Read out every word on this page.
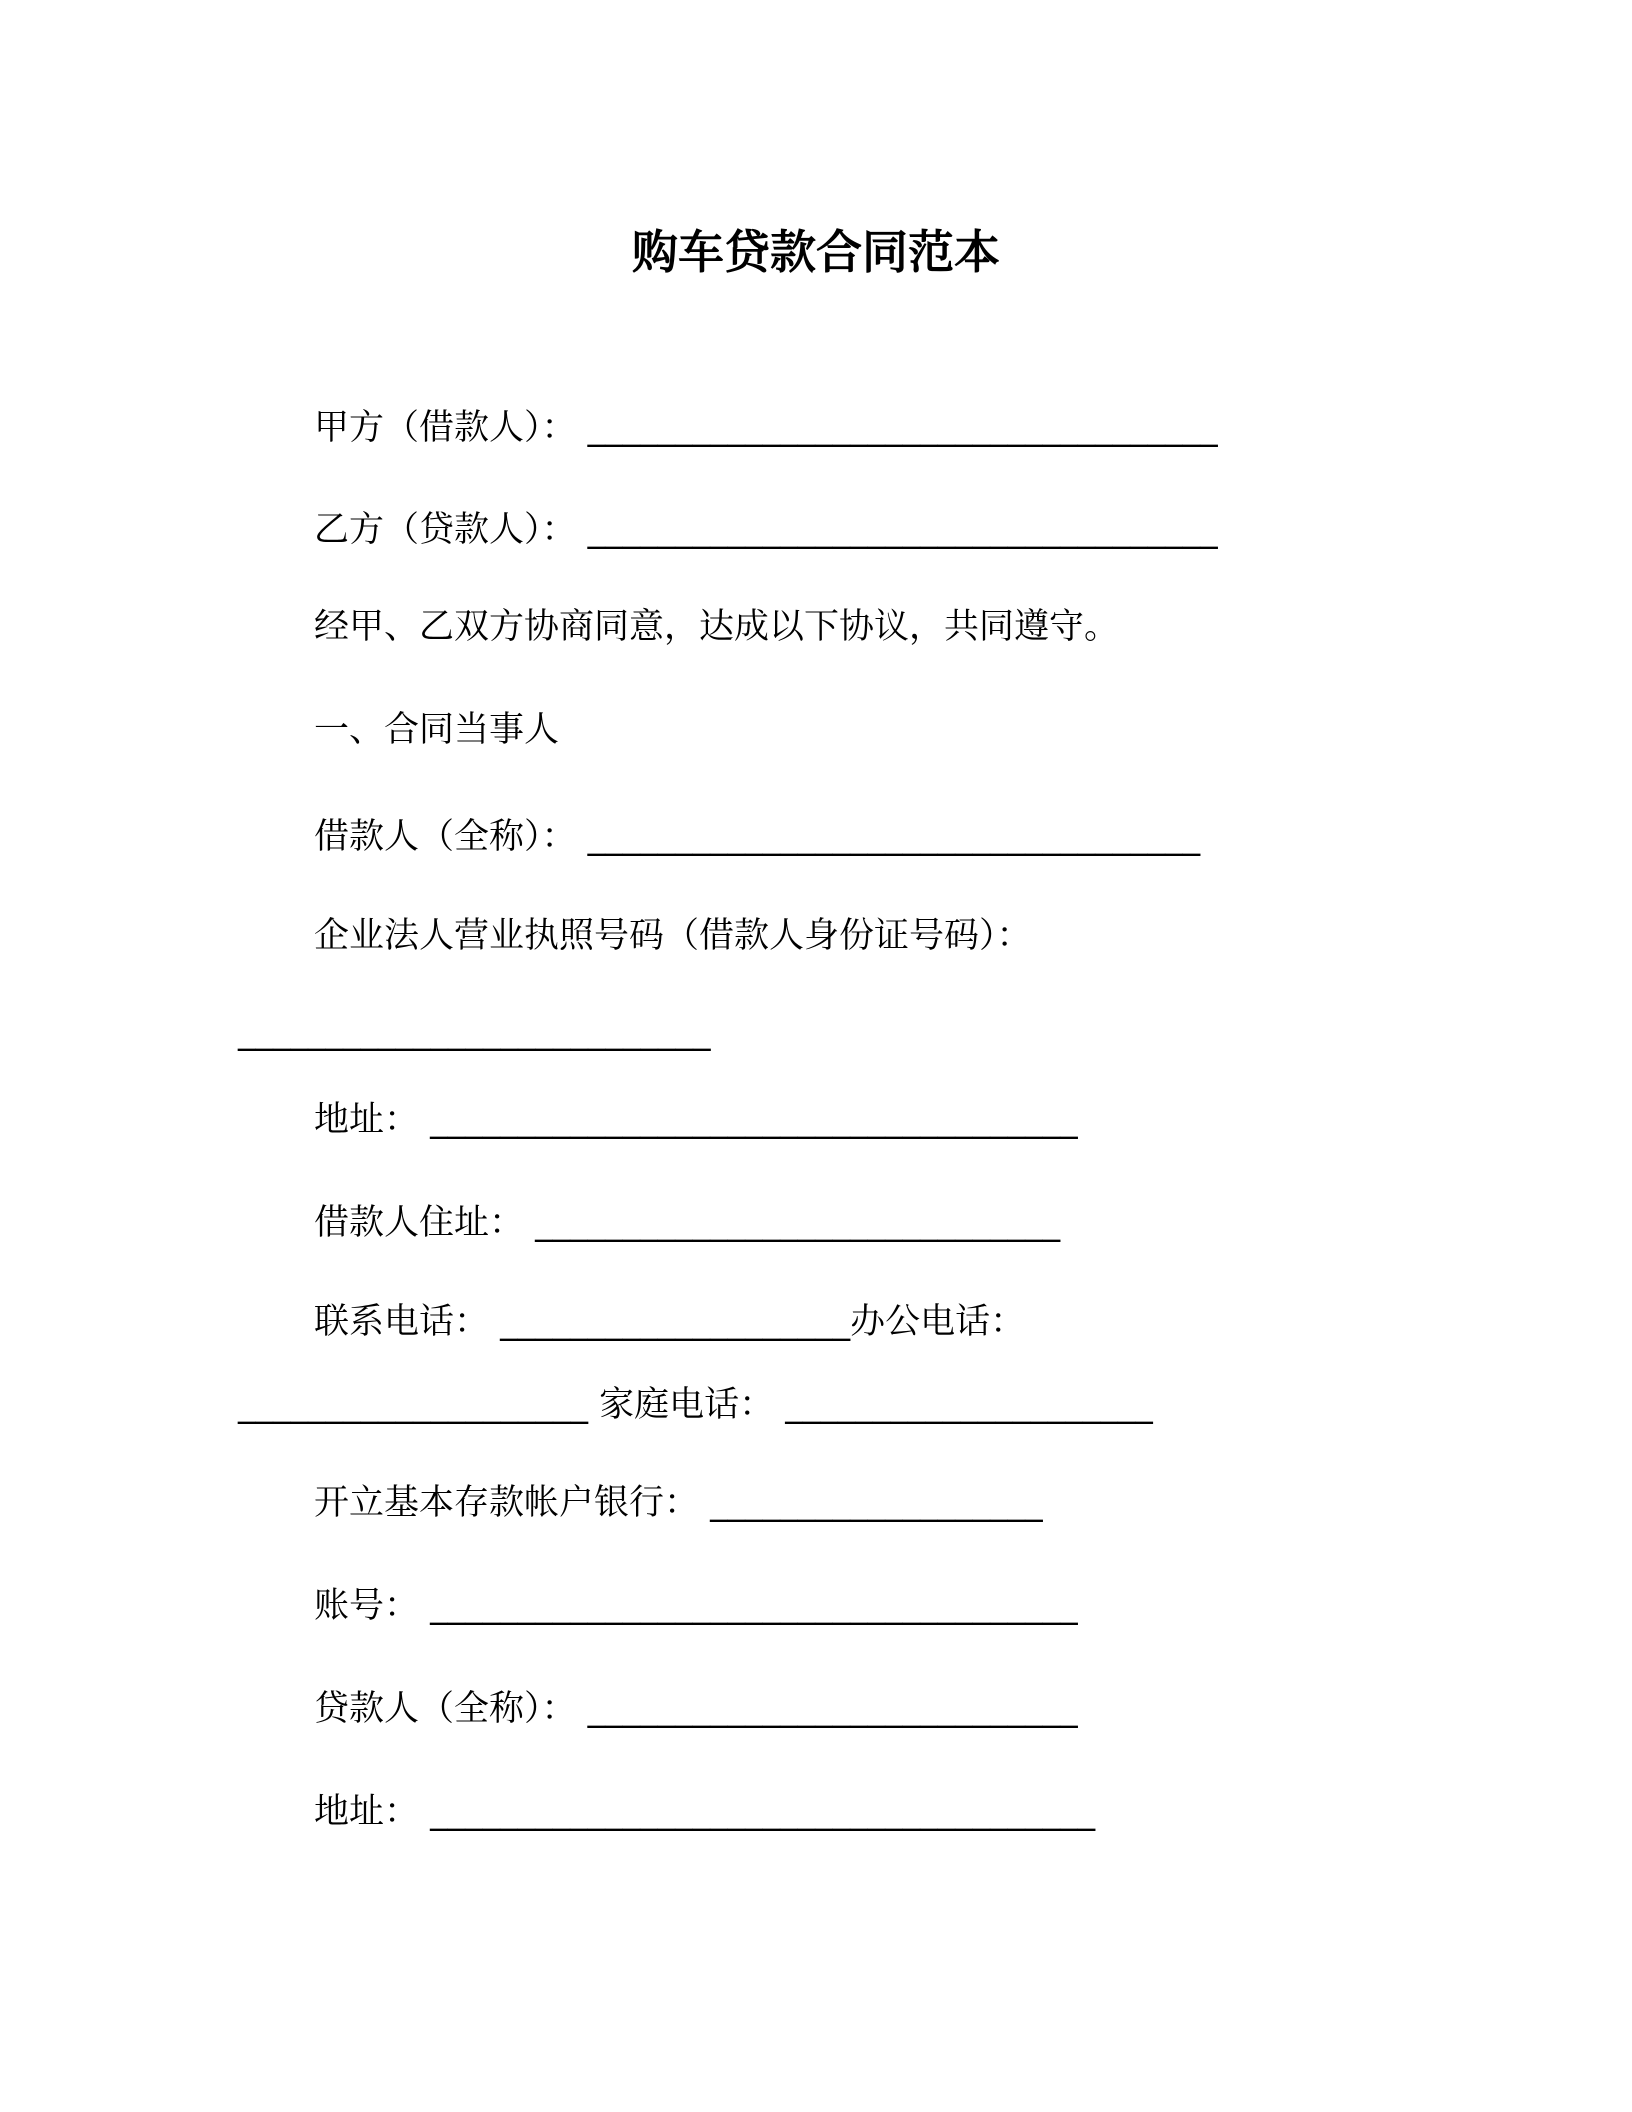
购车贷款合同范本
甲方（借款人）： ____________________________________
乙方（贷款人）： ____________________________________
经甲、乙双方协商同意，达成以下协议，共同遵守。
一、合同当事人
借款人（全称）： ___________________________________
企业法人营业执照号码（借款人身份证号码）：
___________________________
地址： _____________________________________
借款人住址： ______________________________
联系电话： ____________________办公电话：
____________________ 家庭电话： _____________________
开立基本存款帐户银行： ___________________
账号： _____________________________________
贷款人（全称）： ____________________________
地址： ______________________________________
